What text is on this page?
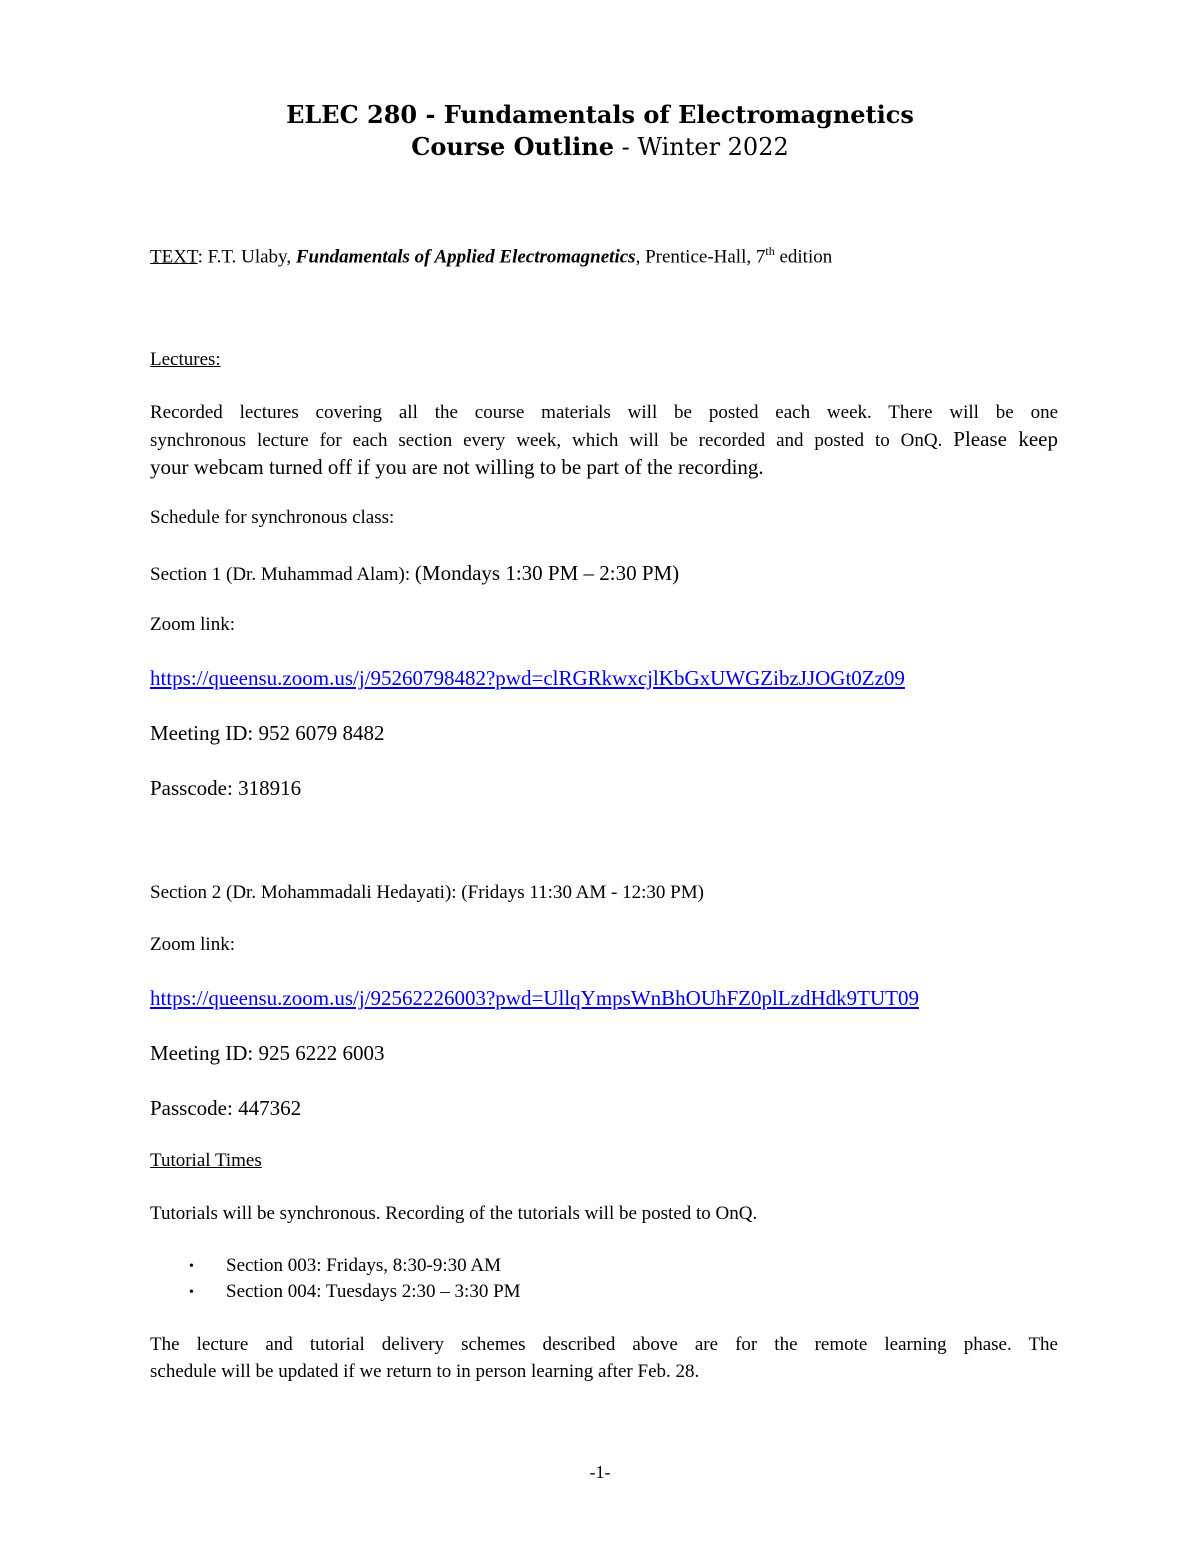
ELEC 280 - Fundamentals of Electromagnetics
Course Outline - Winter 2022
TEXT: F.T. Ulaby, Fundamentals of Applied Electromagnetics, Prentice-Hall, 7th edition
Lectures:
Recorded lectures covering all the course materials will be posted each week. There will be one
synchronous lecture for each section every week, which will be recorded and posted to OnQ. Please keep
your webcam turned off if you are not willing to be part of the recording.
Schedule for synchronous class:
Section 1 (Dr. Muhammad Alam): (Mondays 1:30 PM – 2:30 PM)
Zoom link:
https://queensu.zoom.us/j/95260798482?pwd=clRGRkwxcjlKbGxUWGZibzJJOGt0Zz09
Meeting ID: 952 6079 8482
Passcode: 318916
Section 2 (Dr. Mohammadali Hedayati): (Fridays 11:30 AM - 12:30 PM)
Zoom link:
https://queensu.zoom.us/j/92562226003?pwd=UllqYmpsWnBhOUhFZ0plLzdHdk9TUT09
Meeting ID: 925 6222 6003
Passcode: 447362
Tutorial Times
Tutorials will be synchronous. Recording of the tutorials will be posted to OnQ.
• Section 003: Fridays, 8:30-9:30 AM
• Section 004: Tuesdays 2:30 – 3:30 PM
The lecture and tutorial delivery schemes described above are for the remote learning phase. The
schedule will be updated if we return to in person learning after Feb. 28.
-1-
